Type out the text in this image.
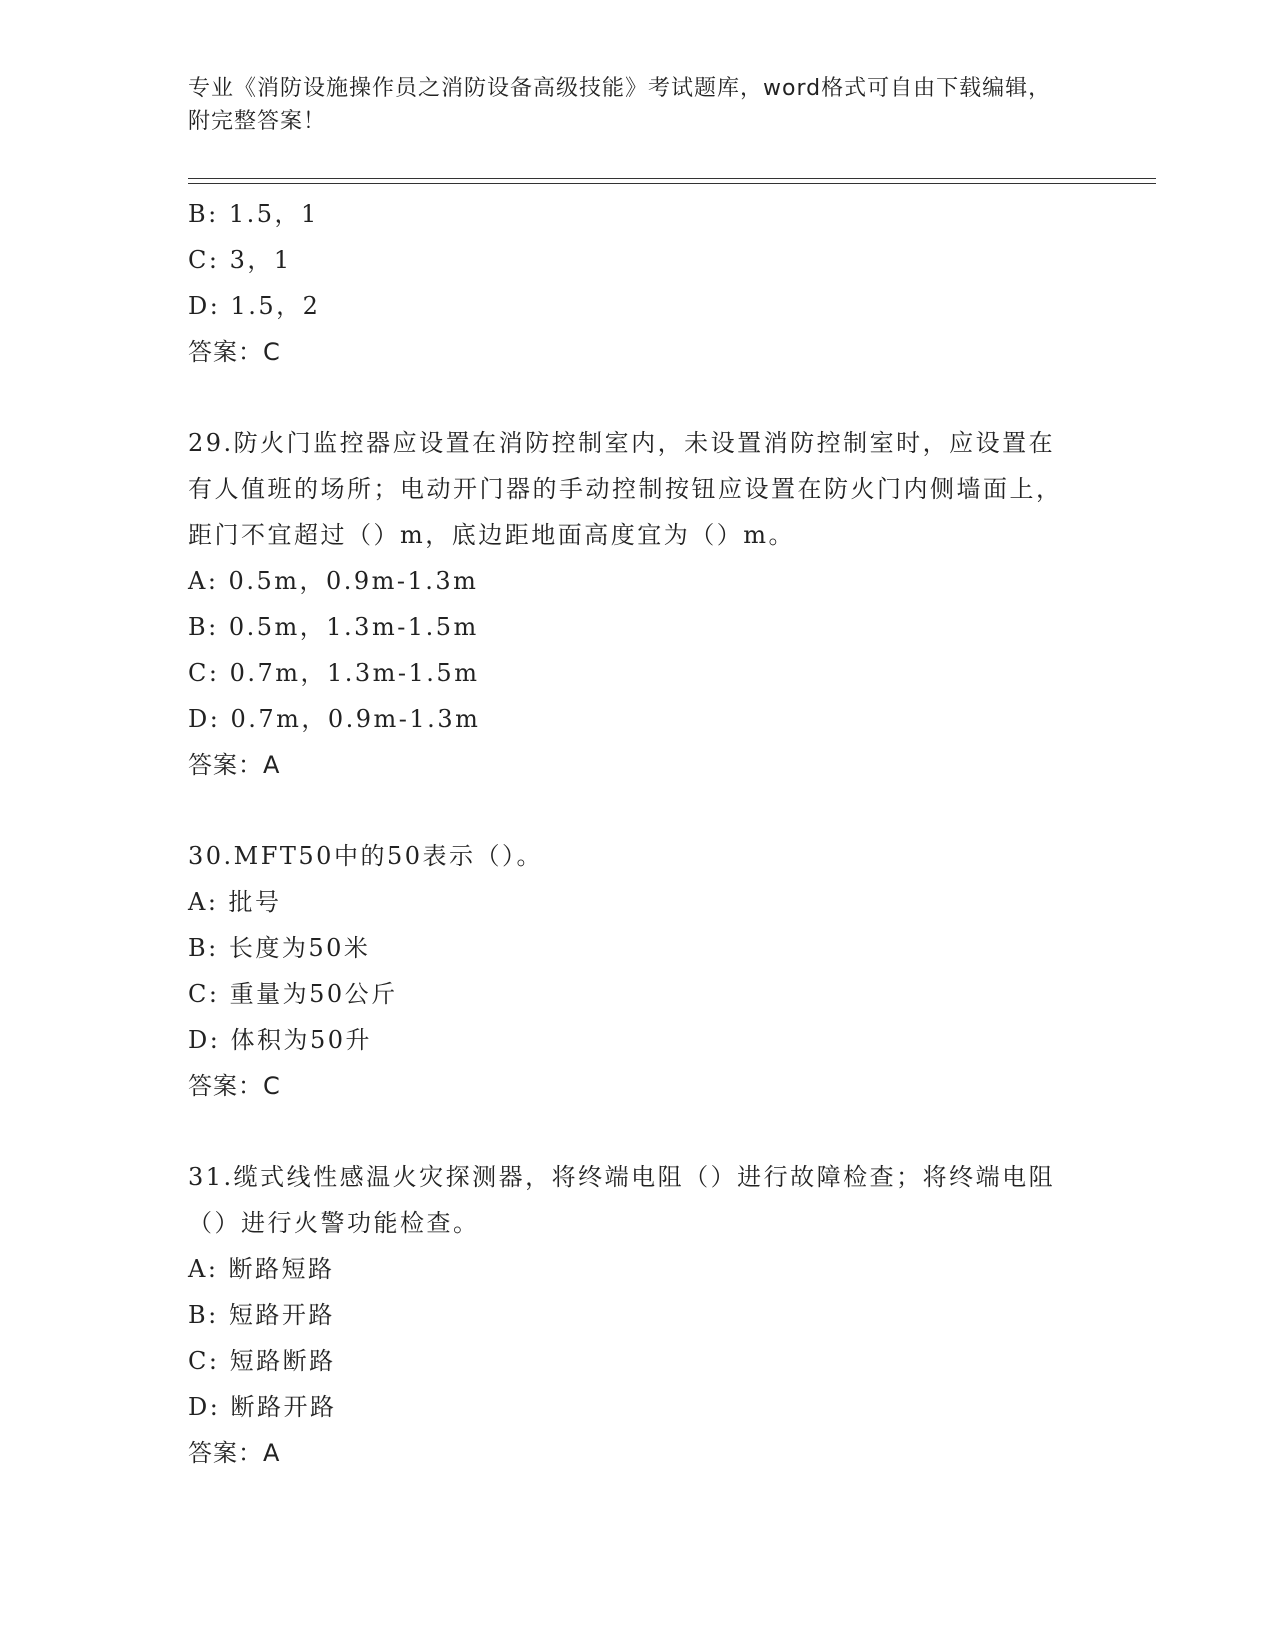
专业《消防设施操作员之消防设备高级技能》考试题库，word格式可自由下载编辑，附完整答案！
B: 1.5，1
C: 3，1
D: 1.5，2
答案：C
29.防火门监控器应设置在消防控制室内，未设置消防控制室时，应设置在有人值班的场所；电动开门器的手动控制按钮应设置在防火门内侧墙面上，距门不宜超过（）m，底边距地面高度宜为（）m。
A: 0.5m，0.9m-1.3m
B: 0.5m，1.3m-1.5m
C: 0.7m，1.3m-1.5m
D: 0.7m，0.9m-1.3m
答案：A
30.MFT50中的50表示（）。
A: 批号
B: 长度为50米
C: 重量为50公斤
D: 体积为50升
答案：C
31.缆式线性感温火灾探测器，将终端电阻（）进行故障检查；将终端电阻（）进行火警功能检查。
A: 断路短路
B: 短路开路
C: 短路断路
D: 断路开路
答案：A
